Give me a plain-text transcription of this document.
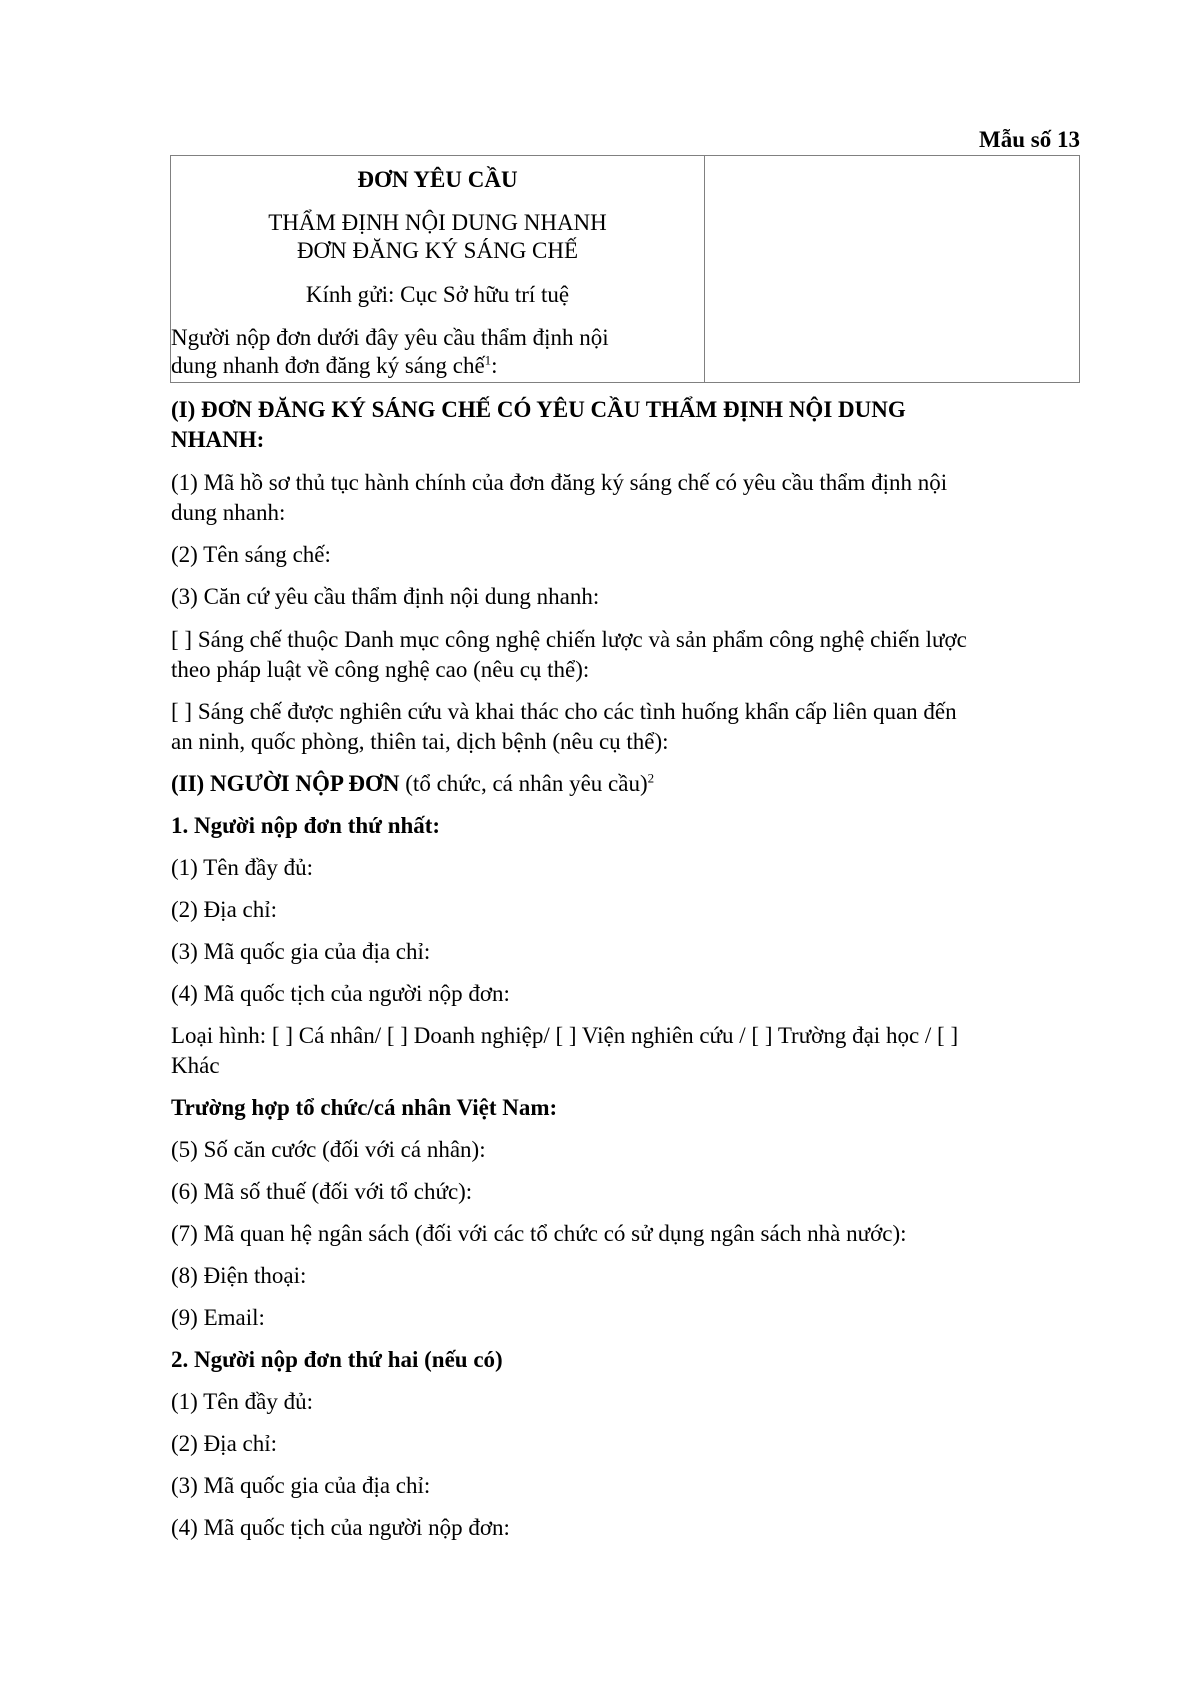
Mẫu số 13
ĐƠN YÊU CẦU
THẨM ĐỊNH NỘI DUNG NHANH
ĐƠN ĐĂNG KÝ SÁNG CHẾ
Kính gửi: Cục Sở hữu trí tuệ
Người nộp đơn dưới đây yêu cầu thẩm định nội
dung nhanh đơn đăng ký sáng chế$^1$:
(I) ĐƠN ĐĂNG KÝ SÁNG CHẾ CÓ YÊU CẦU THẨM ĐỊNH NỘI DUNG
NHANH:
(1) Mã hồ sơ thủ tục hành chính của đơn đăng ký sáng chế có yêu cầu thẩm định nội
dung nhanh:
(2) Tên sáng chế:
(3) Căn cứ yêu cầu thẩm định nội dung nhanh:
[ ] Sáng chế thuộc Danh mục công nghệ chiến lược và sản phẩm công nghệ chiến lược
theo pháp luật về công nghệ cao (nêu cụ thể):
[ ] Sáng chế được nghiên cứu và khai thác cho các tình huống khẩn cấp liên quan đến
an ninh, quốc phòng, thiên tai, dịch bệnh (nêu cụ thể):
(II) NGƯỜI NỘP ĐƠN (tổ chức, cá nhân yêu cầu)$^2$
1. Người nộp đơn thứ nhất:
(1) Tên đầy đủ:
(2) Địa chỉ:
(3) Mã quốc gia của địa chỉ:
(4) Mã quốc tịch của người nộp đơn:
Loại hình: [ ] Cá nhân/ [ ] Doanh nghiệp/ [ ] Viện nghiên cứu / [ ] Trường đại học / [ ]
Khác
Trường hợp tổ chức/cá nhân Việt Nam:
(5) Số căn cước (đối với cá nhân):
(6) Mã số thuế (đối với tổ chức):
(7) Mã quan hệ ngân sách (đối với các tổ chức có sử dụng ngân sách nhà nước):
(8) Điện thoại:
(9) Email:
2. Người nộp đơn thứ hai (nếu có)
(1) Tên đầy đủ:
(2) Địa chỉ:
(3) Mã quốc gia của địa chỉ:
(4) Mã quốc tịch của người nộp đơn:
